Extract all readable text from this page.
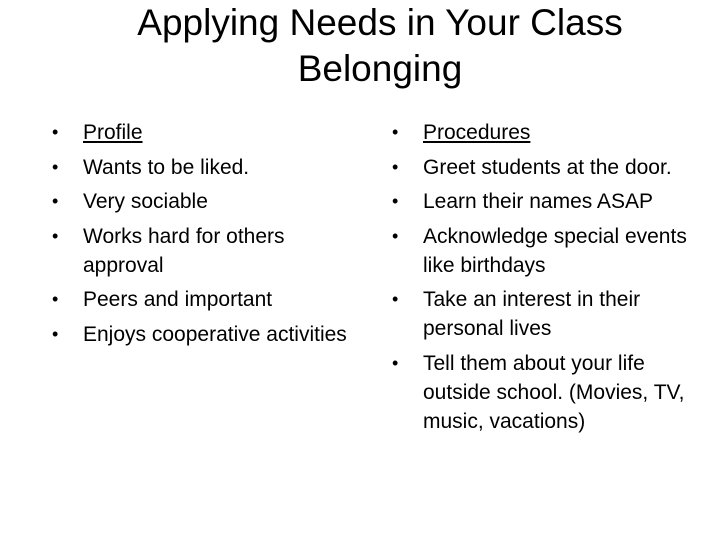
Applying Needs in Your Class
Belonging
• Profile
• Wants to be liked.
• Very sociable
• Works hard for others approval
• Peers and important
• Enjoys cooperative activities
• Procedures
• Greet students at the door.
• Learn their names ASAP
• Acknowledge special events like birthdays
• Take an interest in their personal lives
• Tell them about your life outside school. (Movies, TV, music, vacations)
